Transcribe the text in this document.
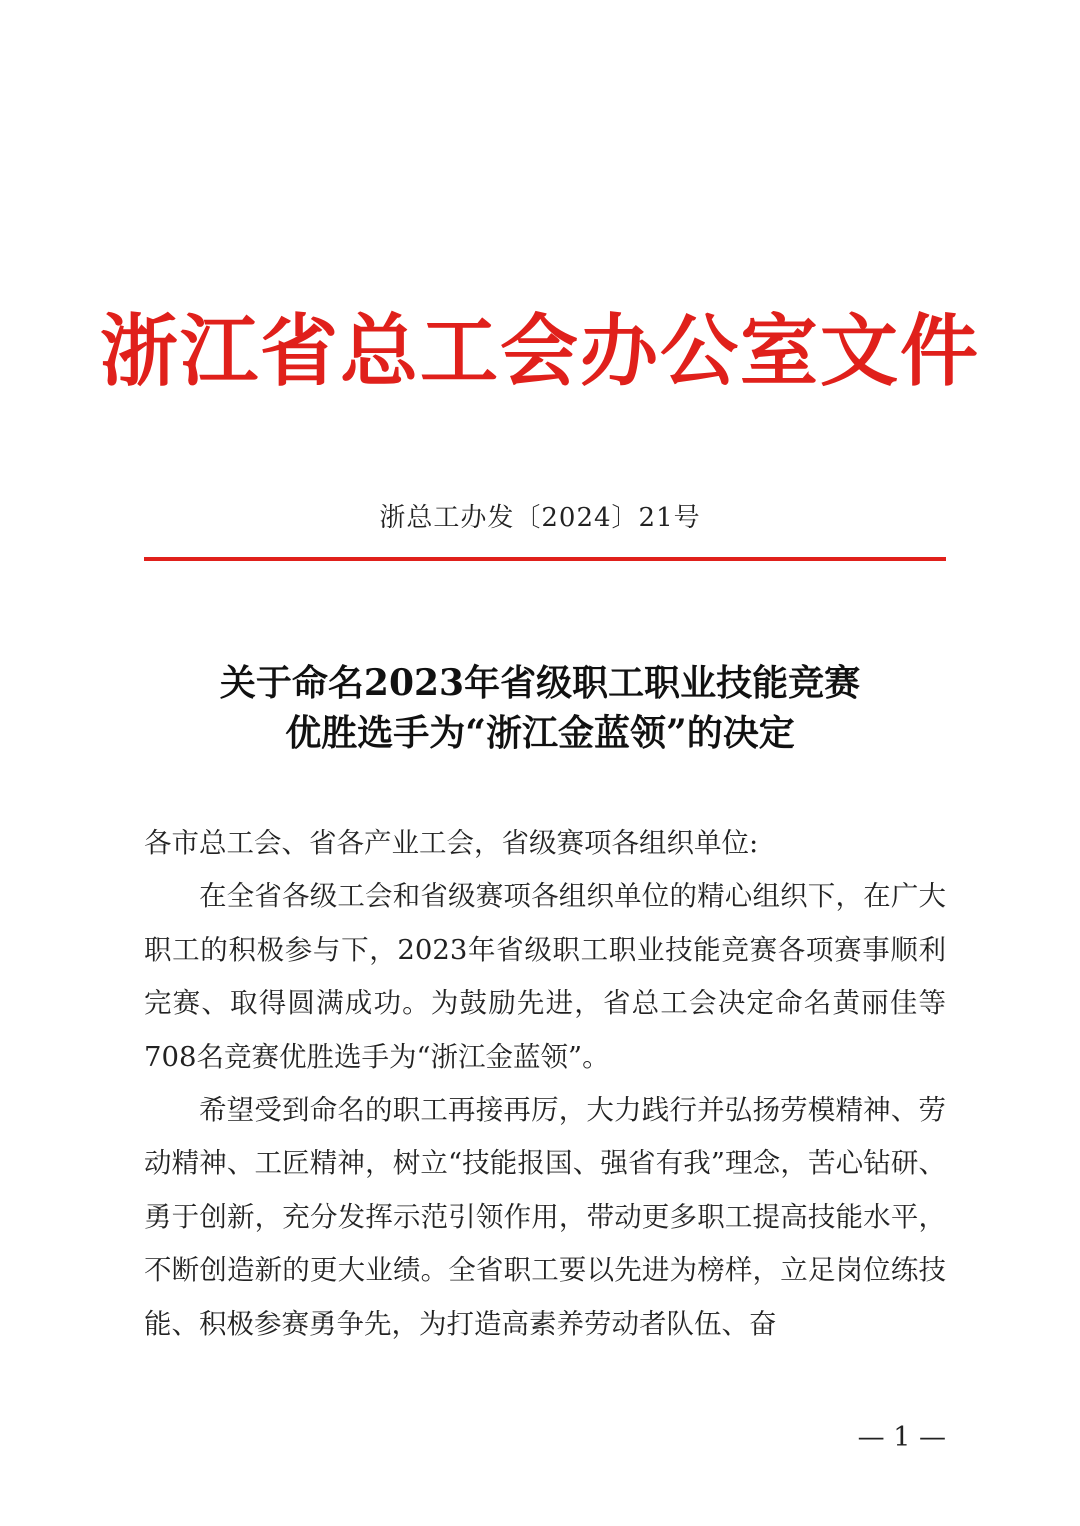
浙江省总工会办公室文件
浙总工办发〔2024〕21号
关于命名2023年省级职工职业技能竞赛
优胜选手为“浙江金蓝领”的决定

各市总工会、省各产业工会，省级赛项各组织单位:

在全省各级工会和省级赛项各组织单位的精心组织下，在广大职工的积极参与下，2023年省级职工职业技能竞赛各项赛事顺利完赛、取得圆满成功。为鼓励先进，省总工会决定命名黄丽佳等708名竞赛优胜选手为“浙江金蓝领”。

希望受到命名的职工再接再厉，大力践行并弘扬劳模精神、劳动精神、工匠精神，树立“技能报国、强省有我”理念，苦心钻研、勇于创新，充分发挥示范引领作用，带动更多职工提高技能水平，不断创造新的更大业绩。全省职工要以先进为榜样，立足岗位练技能、积极参赛勇争先，为打造高素养劳动者队伍、奋

— 1 —
